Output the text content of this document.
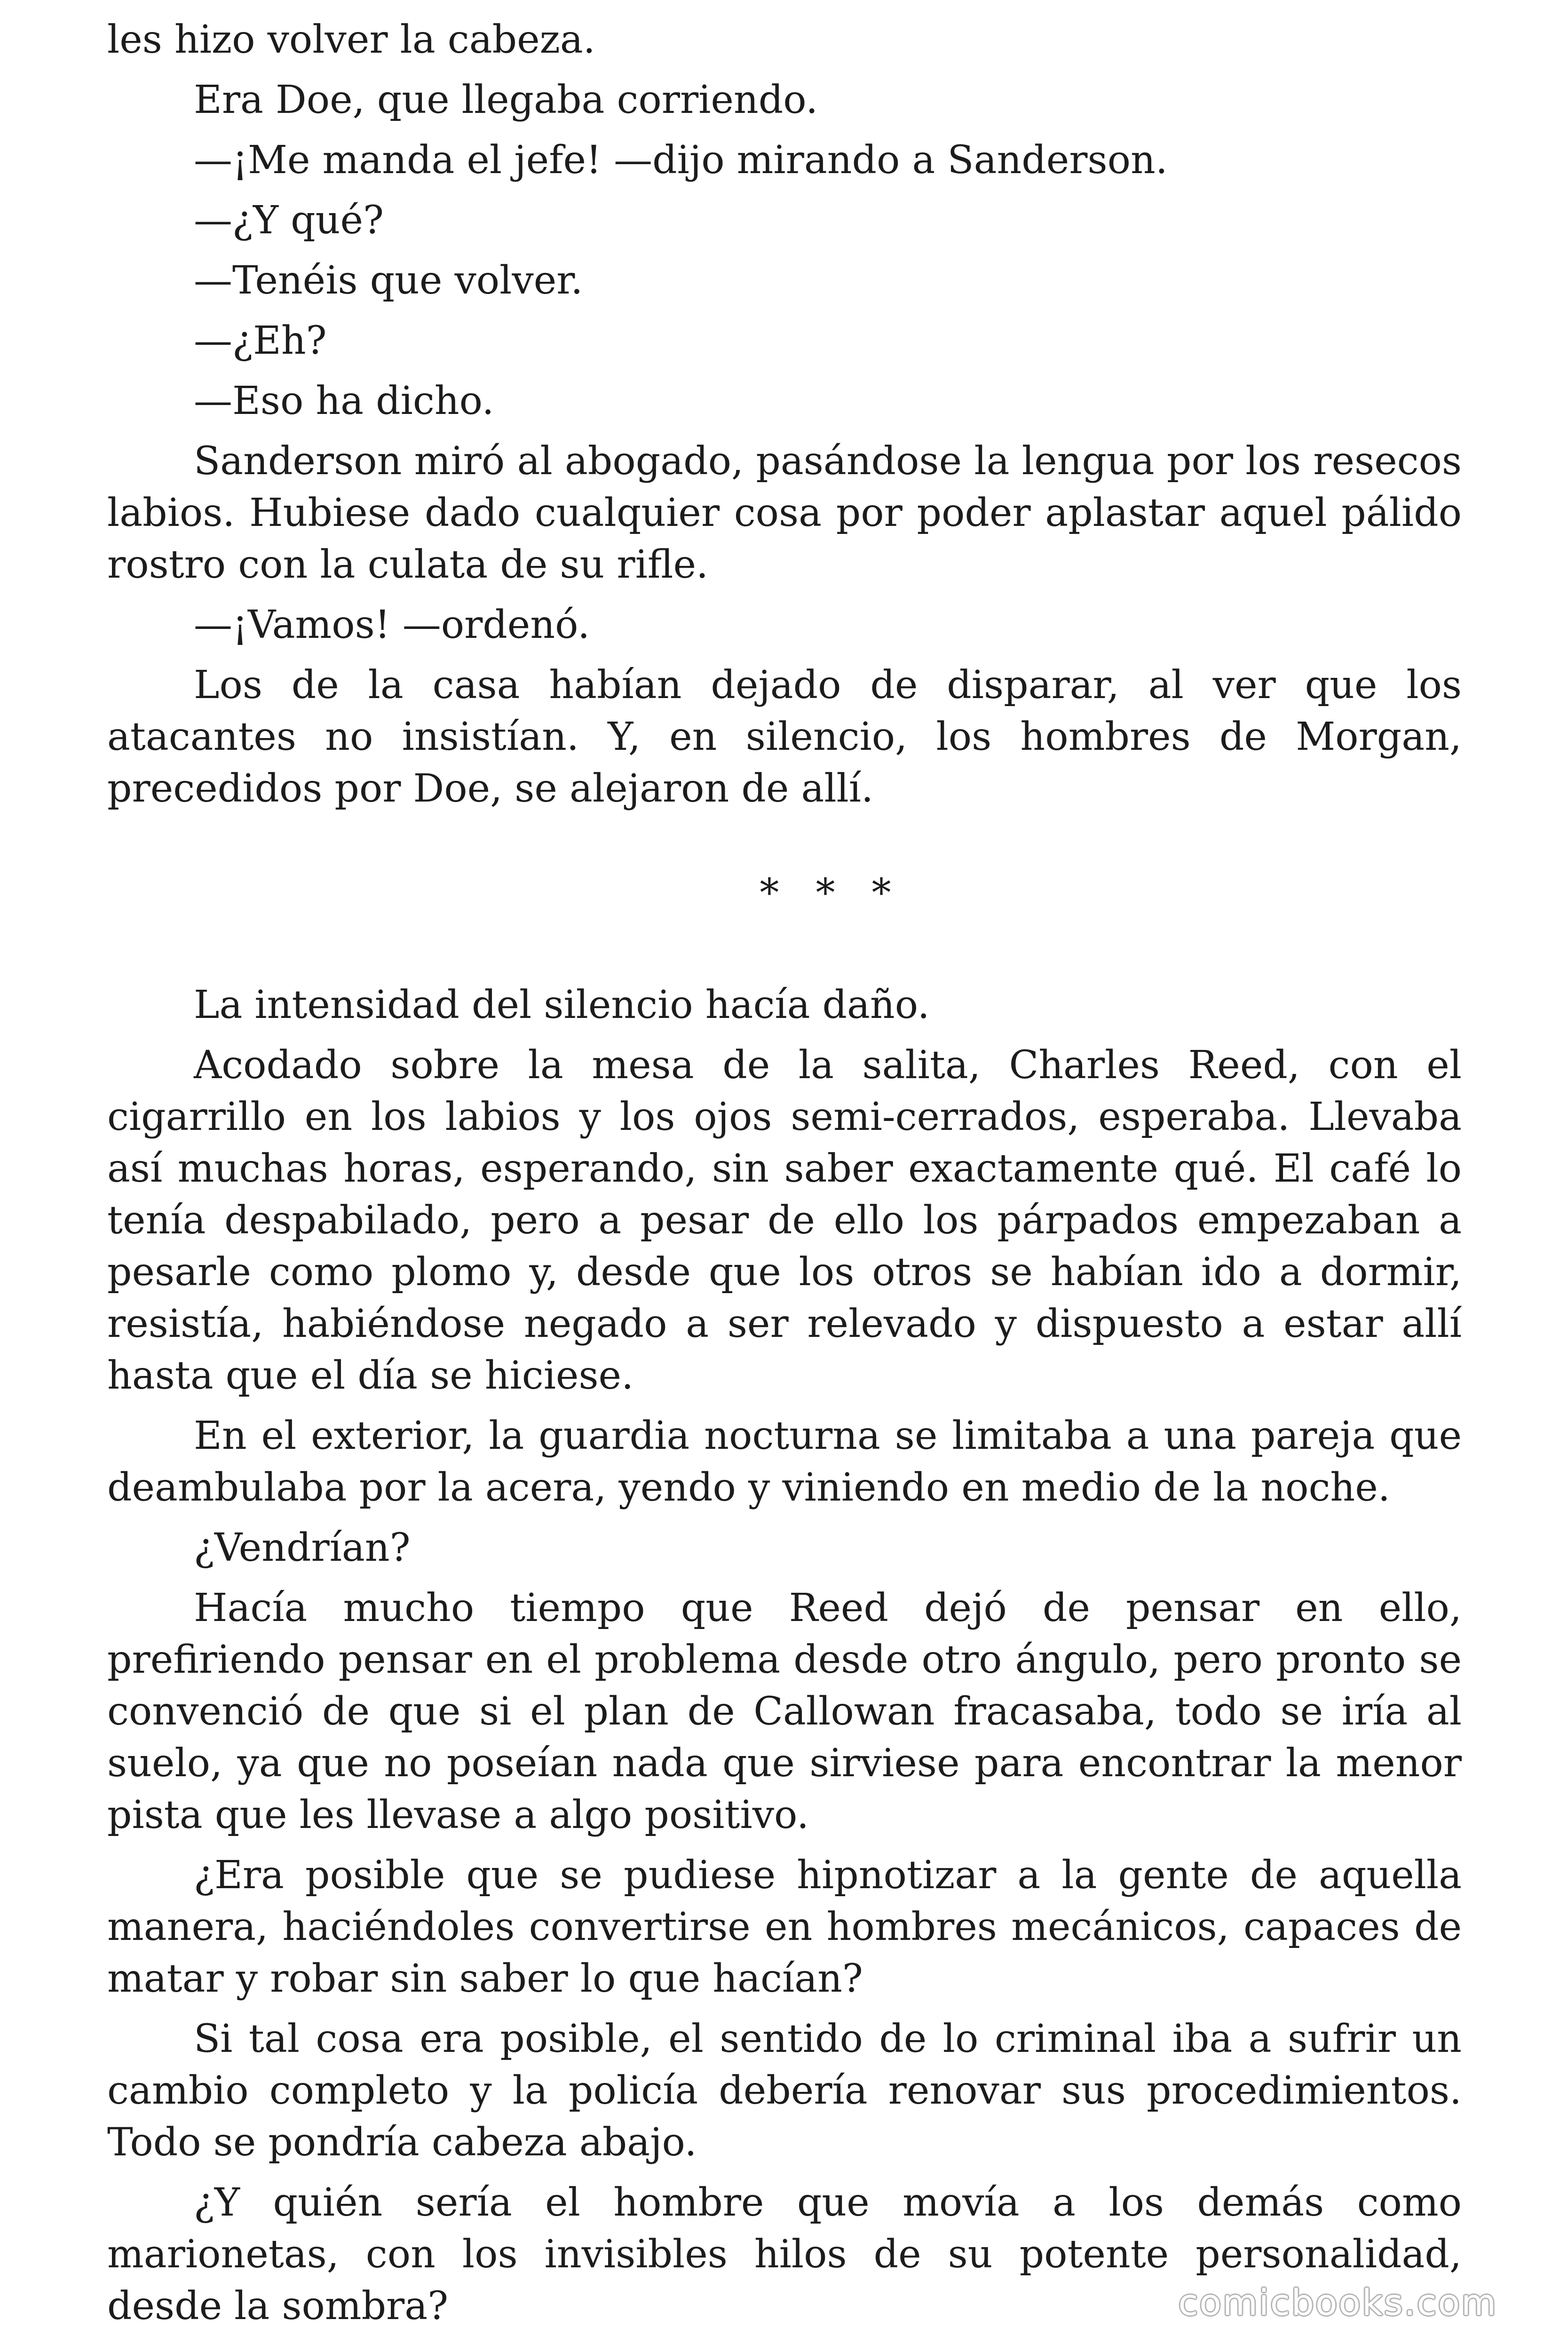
les hizo volver la cabeza.

Era Doe, que llegaba corriendo.

—¡Me manda el jefe! —dijo mirando a Sanderson.

—¿Y qué?

—Tenéis que volver.

—¿Eh?

—Eso ha dicho.

Sanderson miró al abogado, pasándose la lengua por los resecos labios. Hubiese dado cualquier cosa por poder aplastar aquel pálido rostro con la culata de su rifle.

—¡Vamos! —ordenó.

Los de la casa habían dejado de disparar, al ver que los atacantes no insistían. Y, en silencio, los hombres de Morgan, precedidos por Doe, se alejaron de allí.

* * *

La intensidad del silencio hacía daño.

Acodado sobre la mesa de la salita, Charles Reed, con el cigarrillo en los labios y los ojos semi-cerrados, esperaba. Llevaba así muchas horas, esperando, sin saber exactamente qué. El café lo tenía despabilado, pero a pesar de ello los párpados empezaban a pesarle como plomo y, desde que los otros se habían ido a dormir, resistía, habiéndose negado a ser relevado y dispuesto a estar allí hasta que el día se hiciese.

En el exterior, la guardia nocturna se limitaba a una pareja que deambulaba por la acera, yendo y viniendo en medio de la noche.

¿Vendrían?

Hacía mucho tiempo que Reed dejó de pensar en ello, prefiriendo pensar en el problema desde otro ángulo, pero pronto se convenció de que si el plan de Callowan fracasaba, todo se iría al suelo, ya que no poseían nada que sirviese para encontrar la menor pista que les llevase a algo positivo.

¿Era posible que se pudiese hipnotizar a la gente de aquella manera, haciéndoles convertirse en hombres mecánicos, capaces de matar y robar sin saber lo que hacían?

Si tal cosa era posible, el sentido de lo criminal iba a sufrir un cambio completo y la policía debería renovar sus procedimientos. Todo se pondría cabeza abajo.

¿Y quién sería el hombre que movía a los demás como marionetas, con los invisibles hilos de su potente personalidad, desde la sombra?	comicbooks.com
